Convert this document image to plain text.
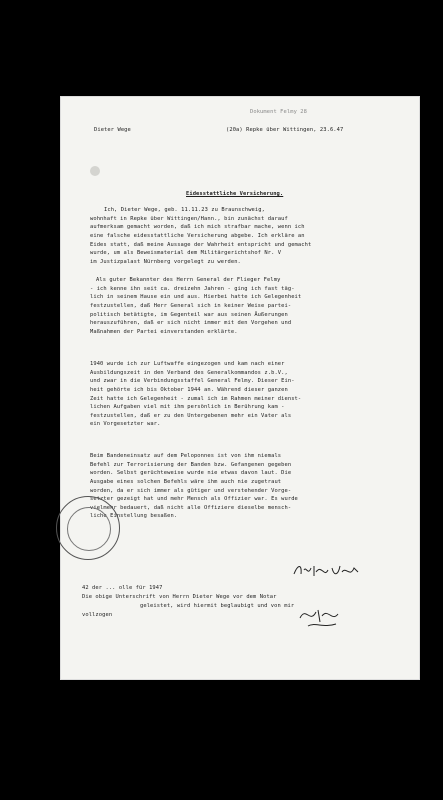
Dokument Felmy 28
Dieter Wege	(20a) Repke über Wittingen, 23.6.47
Eidesstattliche Versicherung.
Ich, Dieter Wege, geb. 11.11.23 zu Braunschweig,
wohnhaft in Repke über Wittingen/Hann., bin zunächst darauf
aufmerksam gemacht worden, daß ich mich strafbar mache, wenn ich
eine falsche eidesstattliche Versicherung abgebe. Ich erkläre an
Eides statt, daß meine Aussage der Wahrheit entspricht und gemacht
wurde, um als Beweismaterial dem Militärgerichtshof Nr. V
im Justizpalast Nürnberg vorgelegt zu werden.
Als guter Bekannter des Herrn General der Flieger Felmy
- ich kenne ihn seit ca. dreizehn Jahren - ging ich fast täg-
lich in seinem Hause ein und aus. Hierbei hatte ich Gelegenheit
festzustellen, daß Herr General sich in keiner Weise partei-
politisch betätigte, im Gegenteil war aus seinen Äußerungen
herauszuführen, daß er sich nicht immer mit den Vorgehen und
Maßnahmen der Partei einverstanden erklärte.
1940 wurde ich zur Luftwaffe eingezogen und kam nach einer
Ausbildungszeit in den Verband des Generalkommandos z.b.V.,
und zwar in die Verbindungsstaffel General Felmy. Dieser Ein-
heit gehörte ich bis Oktober 1944 an. Während dieser ganzen
Zeit hatte ich Gelegenheit - zumal ich im Rahmen meiner dienst-
lichen Aufgaben viel mit ihm persönlich in Berührung kam -
festzustellen, daß er zu den Untergebenen mehr ein Vater als
ein Vorgesetzter war.
Beim Bandeneinsatz auf dem Peloponnes ist von ihm niemals
Befehl zur Terrorisierung der Banden bzw. Gefangenen gegeben
worden. Selbst gerüchteweise wurde nie etwas davon laut. Die
Ausgabe eines solchen Befehls wäre ihm auch nie zugetraut
worden, da er sich immer als gütiger und verstehender Vorge-
setzter gezeigt hat und mehr Mensch als Offizier war. Es wurde
vielmehr bedauert, daß nicht alle Offiziere dieselbe mensch-
liche Einstellung besaßen.
42 der ... olle für 1947
Die obige Unterschrift von Herrn Dieter Wege vor dem Notar
geleistet, wird hiermit beglaubigt und von mir
vollzogen
